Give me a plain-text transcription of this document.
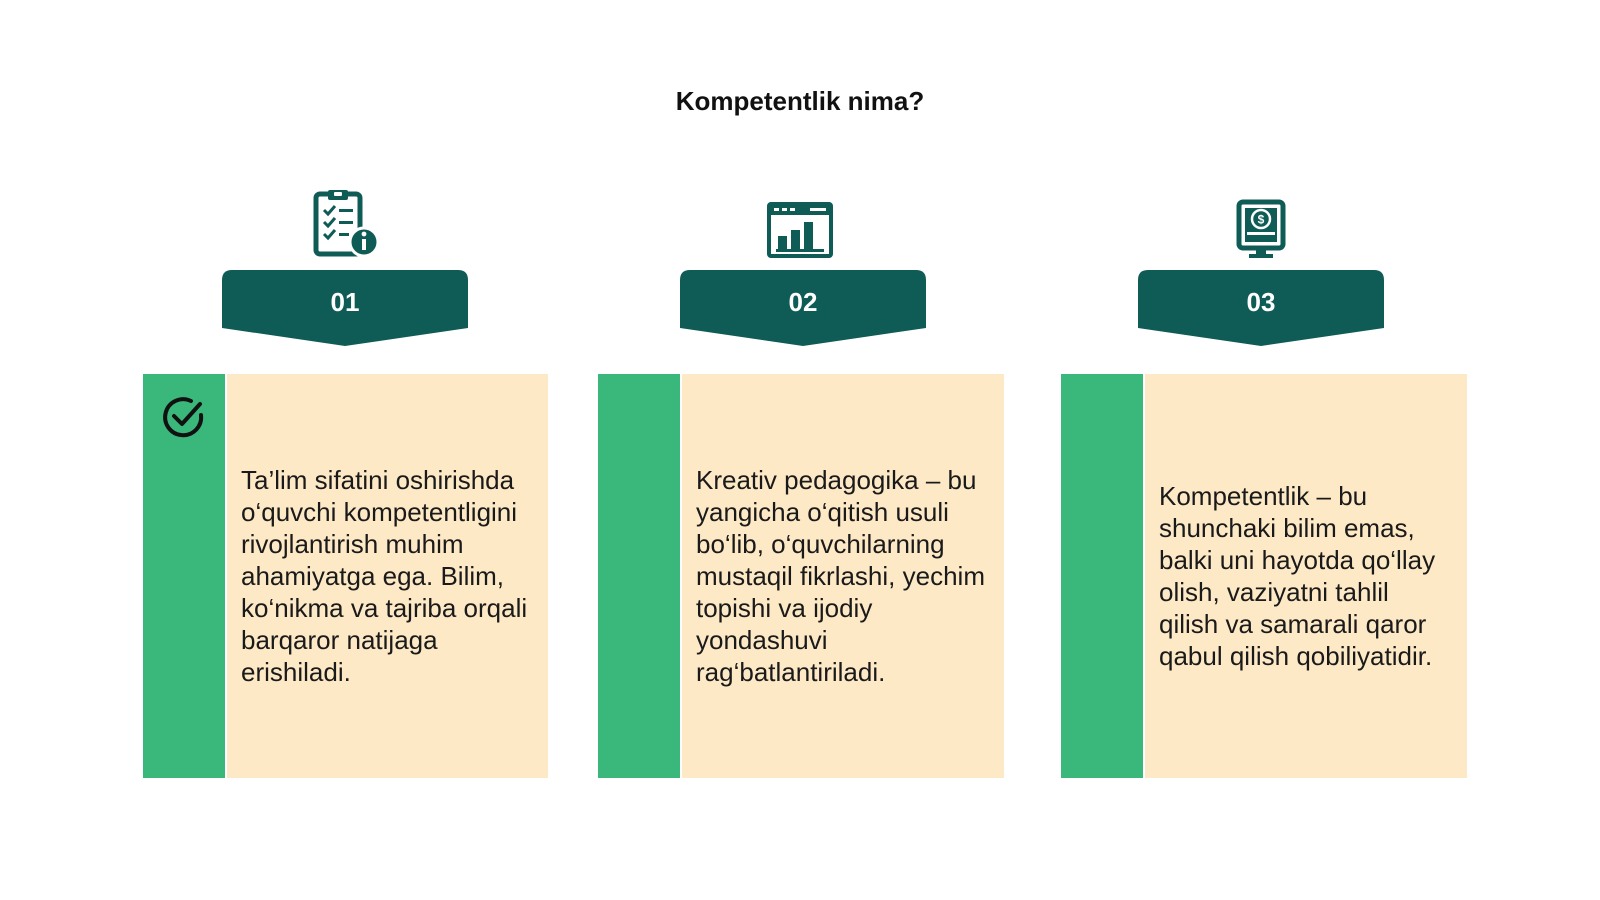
Kompetentlik nima?
01

Ta’lim sifatini oshirishda o‘quvchi kompetentligini rivojlantirish muhim ahamiyatga ega. Bilim, ko‘nikma va tajriba orqali barqaror natijaga erishiladi.

02

Kreativ pedagogika – bu yangicha o‘qitish usuli bo‘lib, o‘quvchilarning mustaqil fikrlashi, yechim topishi va ijodiy yondashuvi rag‘batlantiriladi.

$
03

Kompetentlik – bu shunchaki bilim emas, balki uni hayotda qo‘llay olish, vaziyatni tahlil qilish va samarali qaror qabul qilish qobiliyatidir.
